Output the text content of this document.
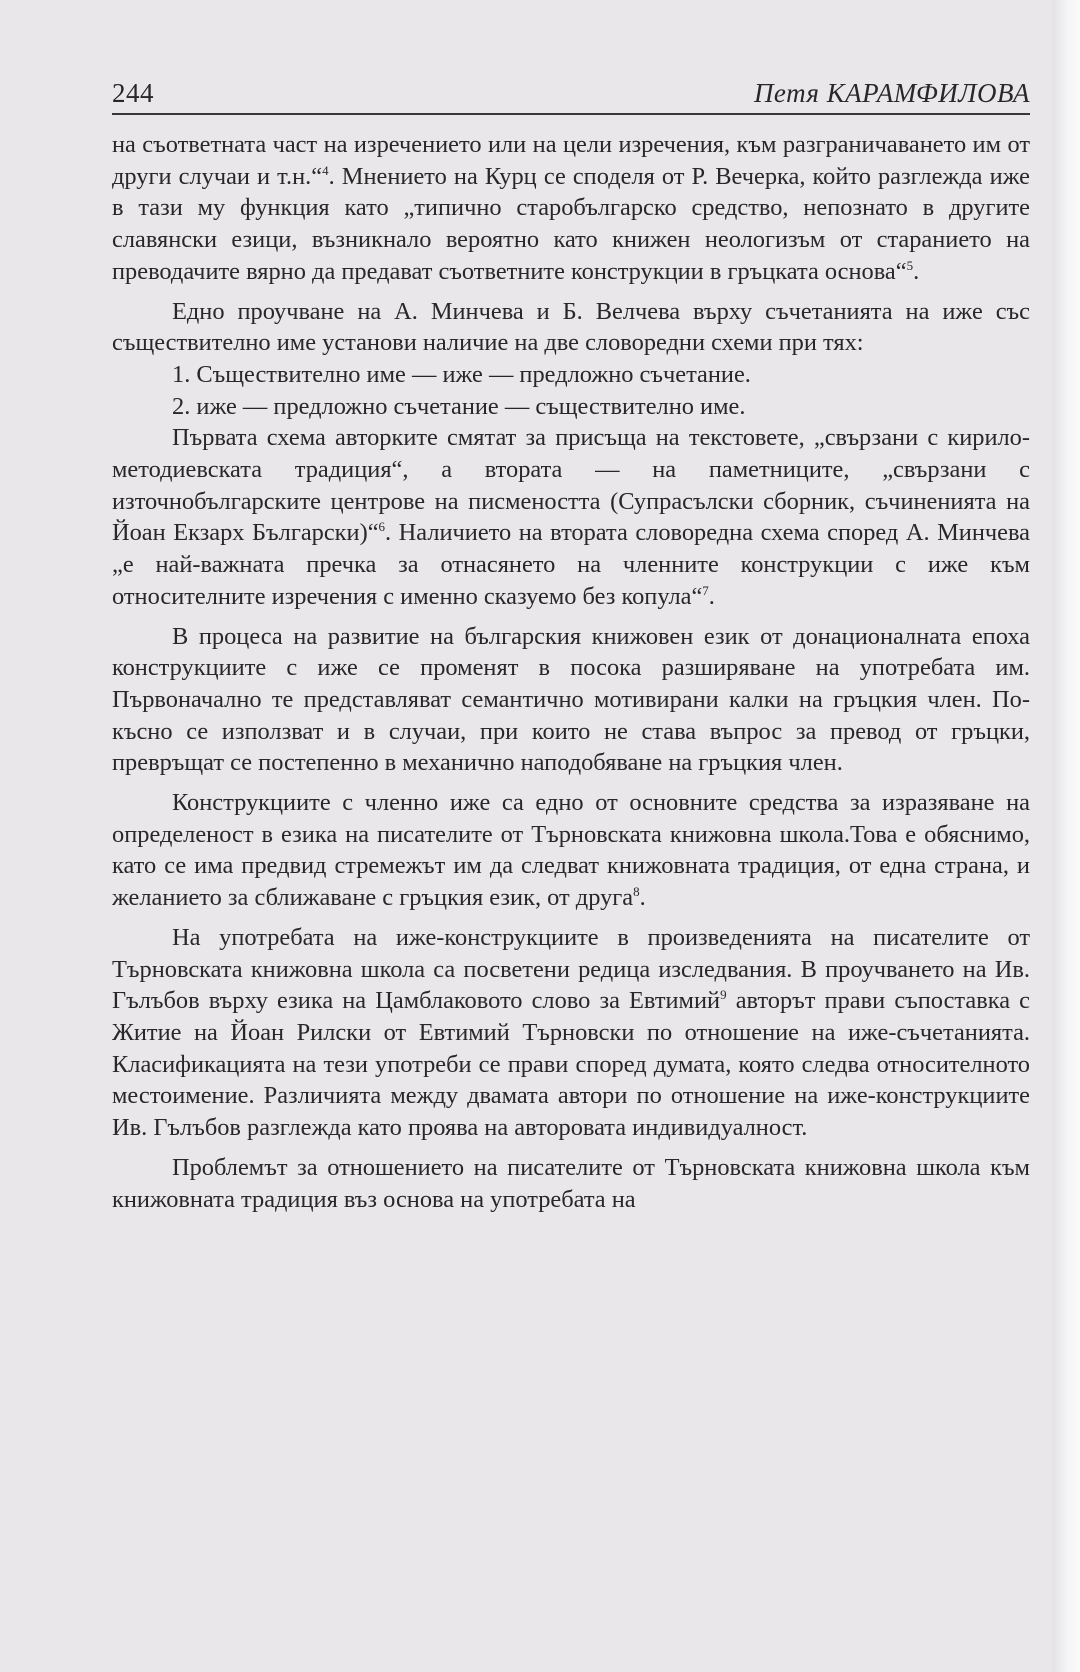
244	Петя КАРАМФИЛОВА

на съответната част на изречението или на цели изречения, към разграничаването им от други случаи и т.н.“$^4$. Мнението на Курц се споделя от Р. Вечерка, който разглежда иже в тази му функция като „типично старобългарско средство, непознато в другите славянски езици, възникнало вероятно като книжен неологизъм от старанието на преводачите вярно да предават съответните конструкции в гръцката основа“$^5$.

Едно проучване на А. Минчева и Б. Велчева върху съчетанията на иже със съществително име установи наличие на две словоредни схеми при тях:

1. Съществително име — иже — предложно съчетание.

2. иже — предложно съчетание — съществително име.

Първата схема авторките смятат за присъща на текстовете, „свързани с кирило-методиевската традиция“, а втората — на паметниците, „свързани с източнобългарските центрове на писмеността (Супрасълски сборник, съчиненията на Йоан Екзарх Български)“$^6$. Наличието на втората словоредна схема според А. Минчева „е най-важната пречка за отнасянето на членните конструкции с иже към относителните изречения с именно сказуемо без копула“$^7$.

В процеса на развитие на българския книжовен език от донационалната епоха конструкциите с иже се променят в посока разширяване на употребата им. Първоначално те представляват семантично мотивирани калки на гръцкия член. По-късно се използват и в случаи, при които не става въпрос за превод от гръцки, превръщат се постепенно в механично наподобяване на гръцкия член.

Конструкциите с членно иже са едно от основните средства за изразяване на определеност в езика на писателите от Търновската книжовна школа.Това е обяснимо, като се има предвид стремежът им да следват книжовната традиция, от една страна, и желанието за сближаване с гръцкия език, от друга$^8$.

На употребата на иже-конструкциите в произведенията на писателите от Търновската книжовна школа са посветени редица изследвания. В проучването на Ив. Гълъбов върху езика на Цамблаковото слово за Евтимий$^9$ авторът прави съпоставка с Житие на Йоан Рилски от Евтимий Търновски по отношение на иже-съчетанията. Класификацията на тези употреби се прави според думата, която следва относителното местоимение. Различията между двамата автори по отношение на иже-конструкциите Ив. Гълъбов разглежда като проява на авторовата индивидуалност.

Проблемът за отношението на писателите от Търновската книжовна школа към книжовната традиция въз основа на употребата на
